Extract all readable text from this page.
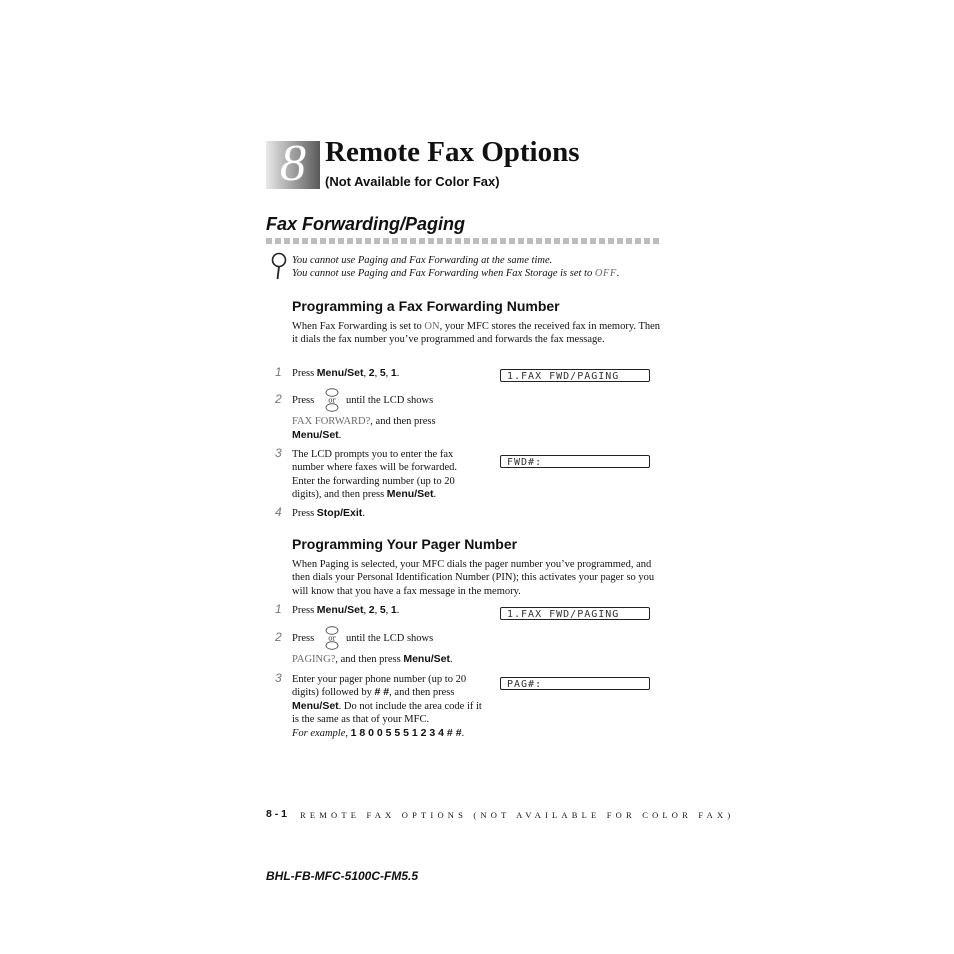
8 Remote Fax Options
(Not Available for Color Fax)
Fax Forwarding/Paging
You cannot use Paging and Fax Forwarding at the same time.
You cannot use Paging and Fax Forwarding when Fax Storage is set to OFF.
Programming a Fax Forwarding Number
When Fax Forwarding is set to ON, your MFC stores the received fax in memory. Then it dials the fax number you’ve programmed and forwards the fax message.
1 Press Menu/Set, 2, 5, 1.	1.FAX FWD/PAGING
2 Press or until the LCD shows
FAX FORWARD?, and then press
Menu/Set.
3 The LCD prompts you to enter the fax number where faxes will be forwarded. Enter the forwarding number (up to 20 digits), and then press Menu/Set.
FWD#:
4 Press Stop/Exit.
Programming Your Pager Number
When Paging is selected, your MFC dials the pager number you’ve programmed, and then dials your Personal Identification Number (PIN); this activates your pager so you will know that you have a fax message in the memory.
1 Press Menu/Set, 2, 5, 1.	1.FAX FWD/PAGING
2 Press or until the LCD shows
PAGING?, and then press Menu/Set.
3 Enter your pager phone number (up to 20 digits) followed by # #, and then press
Menu/Set. Do not include the area code if it is the same as that of your MFC.
For example, 1 8 0 0 5 5 5 1 2 3 4 # #.
PAG#:
8 - 1 REMOTE FAX OPTIONS (NOT AVAILABLE FOR COLOR FAX)
BHL-FB-MFC-5100C-FM5.5
